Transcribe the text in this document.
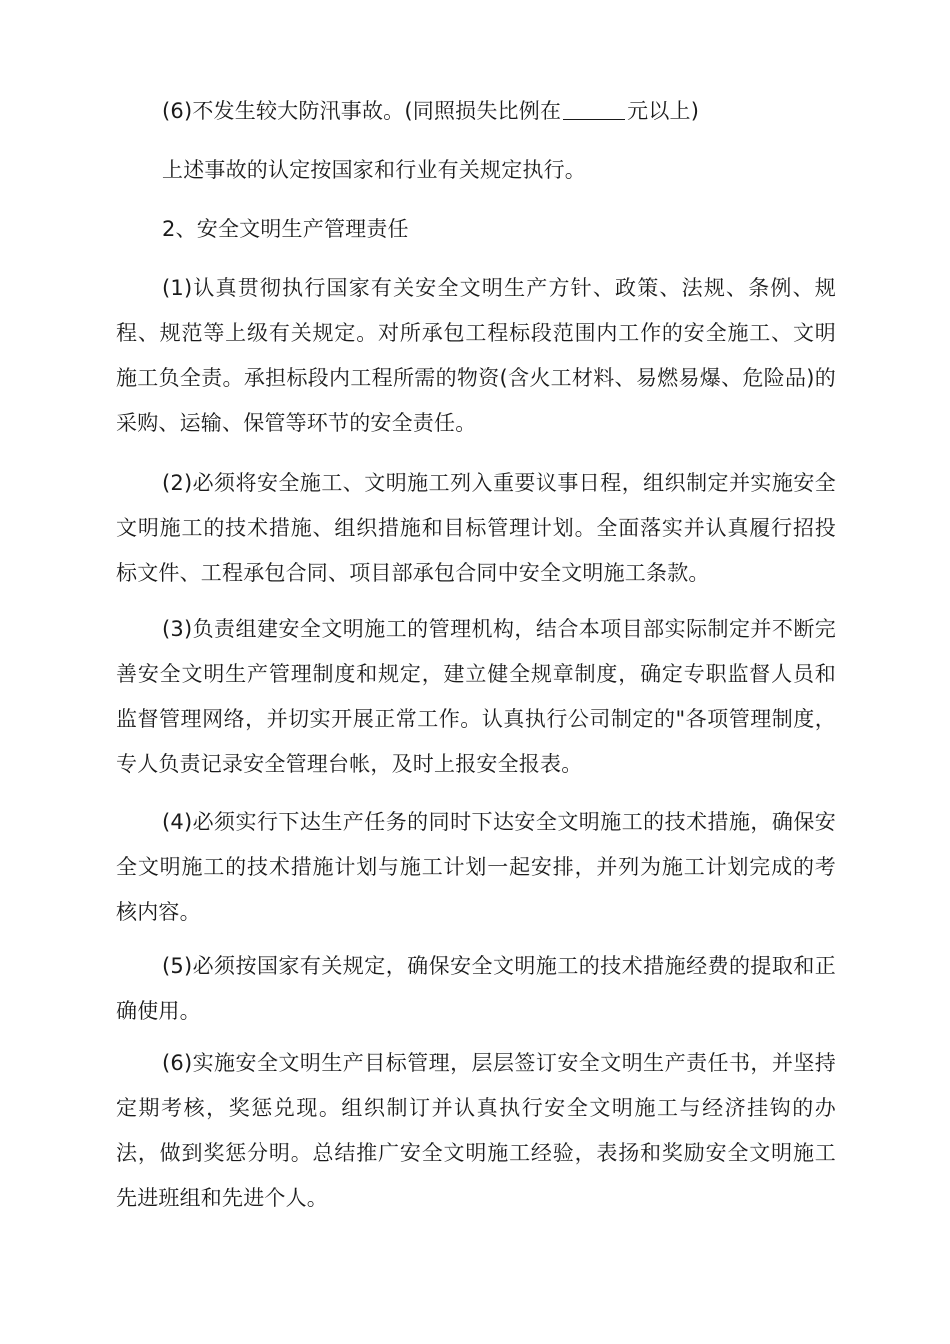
(6)不发生较大防汛事故。(同照损失比例在	元以上)

上述事故的认定按国家和行业有关规定执行。

2、安全文明生产管理责任

(1)认真贯彻执行国家有关安全文明生产方针、政策、法规、条例、规程、规范等上级有关规定。对所承包工程标段范围内工作的安全施工、文明施工负全责。承担标段内工程所需的物资(含火工材料、易燃易爆、危险品)的采购、运输、保管等环节的安全责任。

(2)必须将安全施工、文明施工列入重要议事日程，组织制定并实施安全文明施工的技术措施、组织措施和目标管理计划。全面落实并认真履行招投标文件、工程承包合同、项目部承包合同中安全文明施工条款。

(3)负责组建安全文明施工的管理机构，结合本项目部实际制定并不断完善安全文明生产管理制度和规定，建立健全规章制度，确定专职监督人员和监督管理网络，并切实开展正常工作。认真执行公司制定的"各项管理制度，专人负责记录安全管理台帐，及时上报安全报表。

(4)必须实行下达生产任务的同时下达安全文明施工的技术措施，确保安全文明施工的技术措施计划与施工计划一起安排，并列为施工计划完成的考核内容。

(5)必须按国家有关规定，确保安全文明施工的技术措施经费的提取和正确使用。

(6)实施安全文明生产目标管理，层层签订安全文明生产责任书，并坚持定期考核，奖惩兑现。组织制订并认真执行安全文明施工与经济挂钩的办法，做到奖惩分明。总结推广安全文明施工经验，表扬和奖励安全文明施工先进班组和先进个人。
